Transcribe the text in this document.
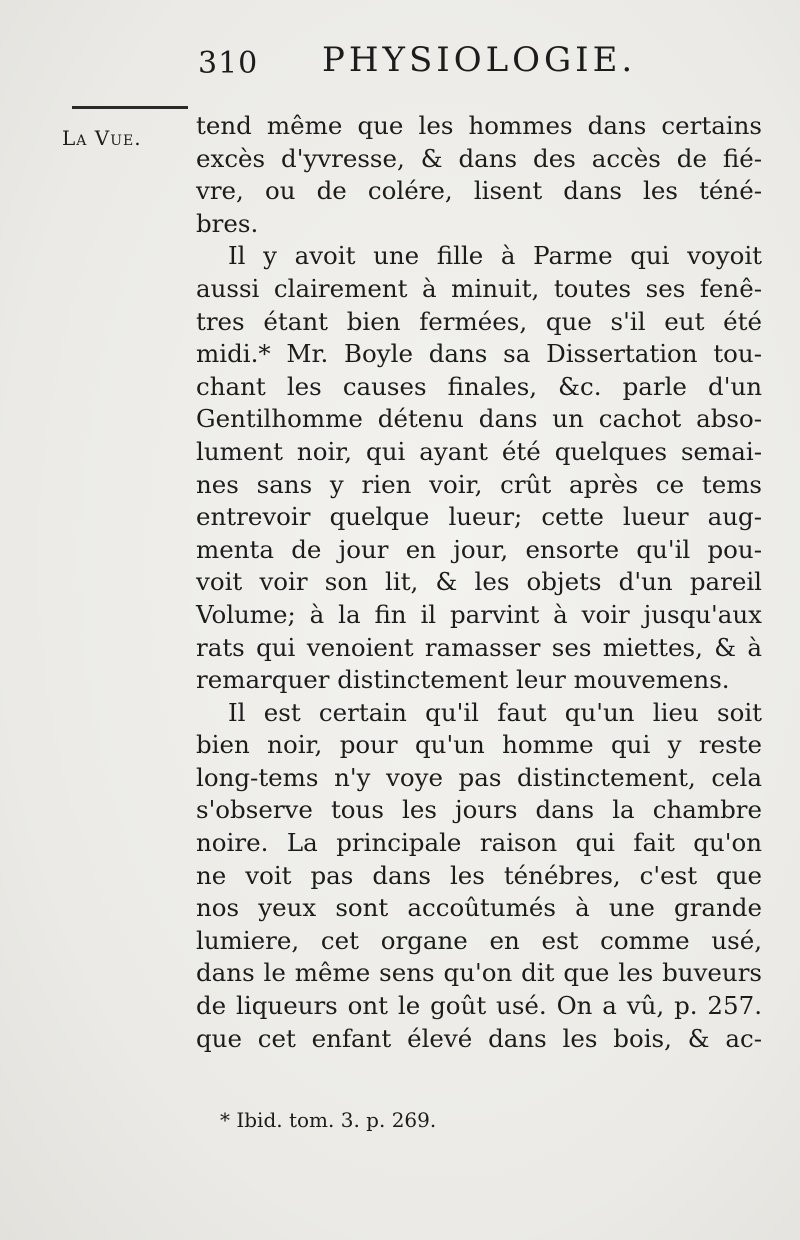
310 PHYSIOLOGIE.
La Vue. tend même que les hommes dans certains
excès d'yvresse, & dans des accès de fié-
vre, ou de colére, lisent dans les téné-
bres.
Il y avoit une fille à Parme qui voyoit
aussi clairement à minuit, toutes ses fenê-
tres étant bien fermées, que s'il eut été
midi.* Mr. Boyle dans sa Dissertation tou-
chant les causes finales, &c. parle d'un
Gentilhomme détenu dans un cachot abso-
lument noir, qui ayant été quelques semai-
nes sans y rien voir, crût après ce tems
entrevoir quelque lueur; cette lueur aug-
menta de jour en jour, ensorte qu'il pou-
voit voir son lit, & les objets d'un pareil
Volume; à la fin il parvint à voir jusqu'aux
rats qui venoient ramasser ses miettes, & à
remarquer distinctement leur mouvemens.
Il est certain qu'il faut qu'un lieu soit
bien noir, pour qu'un homme qui y reste
long-tems n'y voye pas distinctement, cela
s'observe tous les jours dans la chambre
noire. La principale raison qui fait qu'on
ne voit pas dans les ténébres, c'est que
nos yeux sont accoûtumés à une grande
lumiere, cet organe en est comme usé,
dans le même sens qu'on dit que les buveurs
de liqueurs ont le goût usé. On a vû, p. 257.
que cet enfant élevé dans les bois, & ac-
* Ibid. tom. 3. p. 269.
